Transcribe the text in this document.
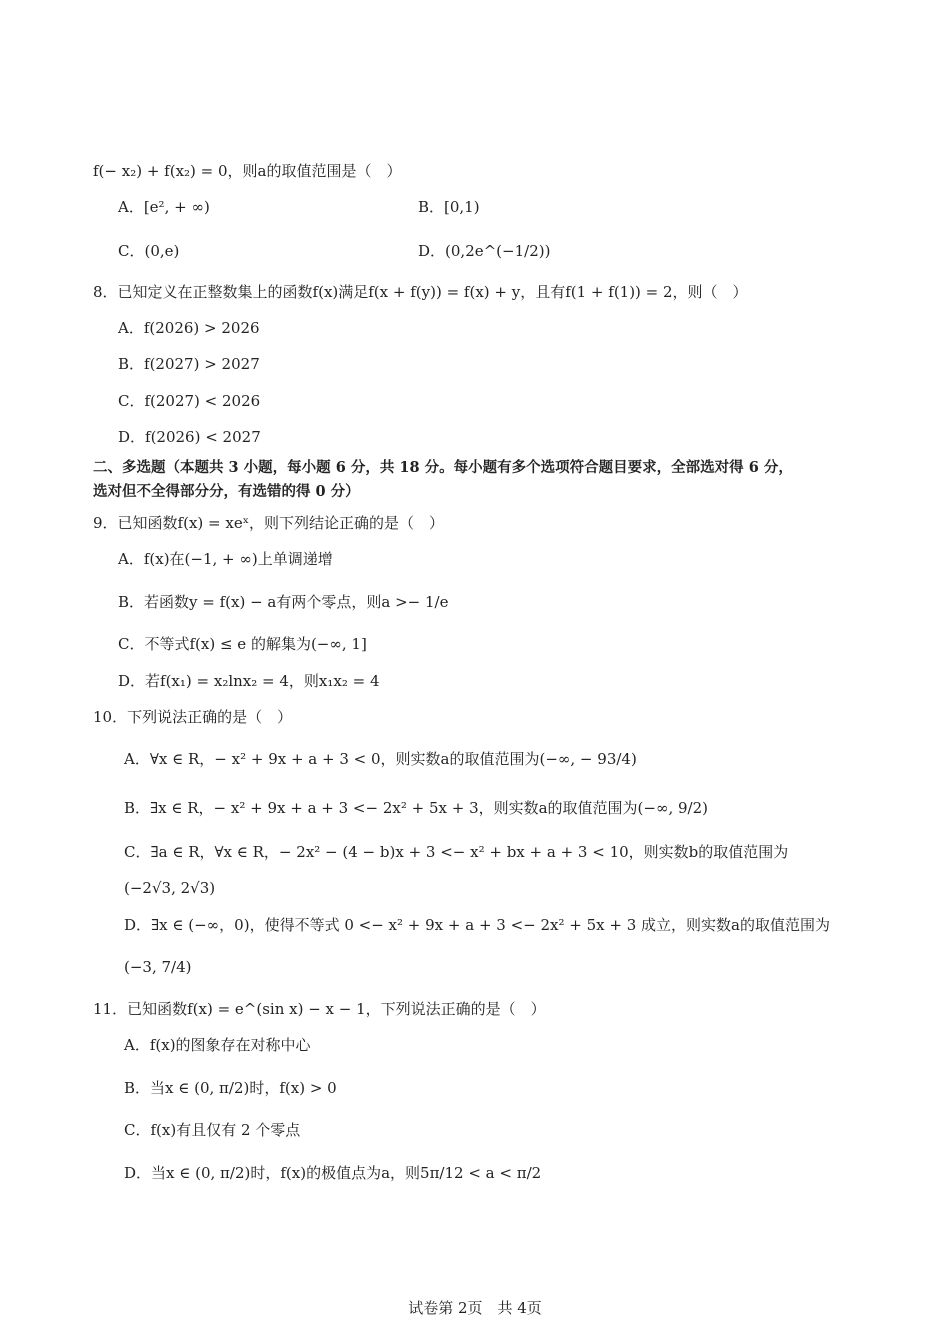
f(− x₂) + f(x₂) = 0，则a的取值范围是（　）
A．[e², + ∞)	B．[0,1)
C．(0,e)	D．(0,2e^(−1/2))
8．已知定义在正整数集上的函数f(x)满足f(x + f(y)) = f(x) + y，且有f(1 + f(1)) = 2，则（　）
A．f(2026) > 2026
B．f(2027) > 2027
C．f(2027) < 2026
D．f(2026) < 2027
二、多选题（本题共 3 小题，每小题 6 分，共 18 分。每小题有多个选项符合题目要求，全部选对得 6 分，
选对但不全得部分分，有选错的得 0 分）
9．已知函数f(x) = xeˣ，则下列结论正确的是（　）
A．f(x)在(−1, + ∞)上单调递增
B．若函数y = f(x) − a有两个零点，则a >− 1/e
C．不等式f(x) ≤ e 的解集为(−∞, 1]
D．若f(x₁) = x₂lnx₂ = 4，则x₁x₂ = 4
10．下列说法正确的是（　）
A．∀x ∈ R，− x² + 9x + a + 3 < 0，则实数a的取值范围为(−∞, − 93/4)
B．∃x ∈ R，− x² + 9x + a + 3 <− 2x² + 5x + 3，则实数a的取值范围为(−∞, 9/2)
C．∃a ∈ R，∀x ∈ R，− 2x² − (4 − b)x + 3 <− x² + bx + a + 3 < 10，则实数b的取值范围为
(−2√3, 2√3)
D．∃x ∈ (−∞，0)，使得不等式 0 <− x² + 9x + a + 3 <− 2x² + 5x + 3 成立，则实数a的取值范围为
(−3, 7/4)
11．已知函数f(x) = e^(sin x) − x − 1，下列说法正确的是（　）
A．f(x)的图象存在对称中心
B．当x ∈ (0, π/2)时，f(x) > 0
C．f(x)有且仅有 2 个零点
D．当x ∈ (0, π/2)时，f(x)的极值点为a，则5π/12 < a < π/2
试卷第 2页　共 4页
